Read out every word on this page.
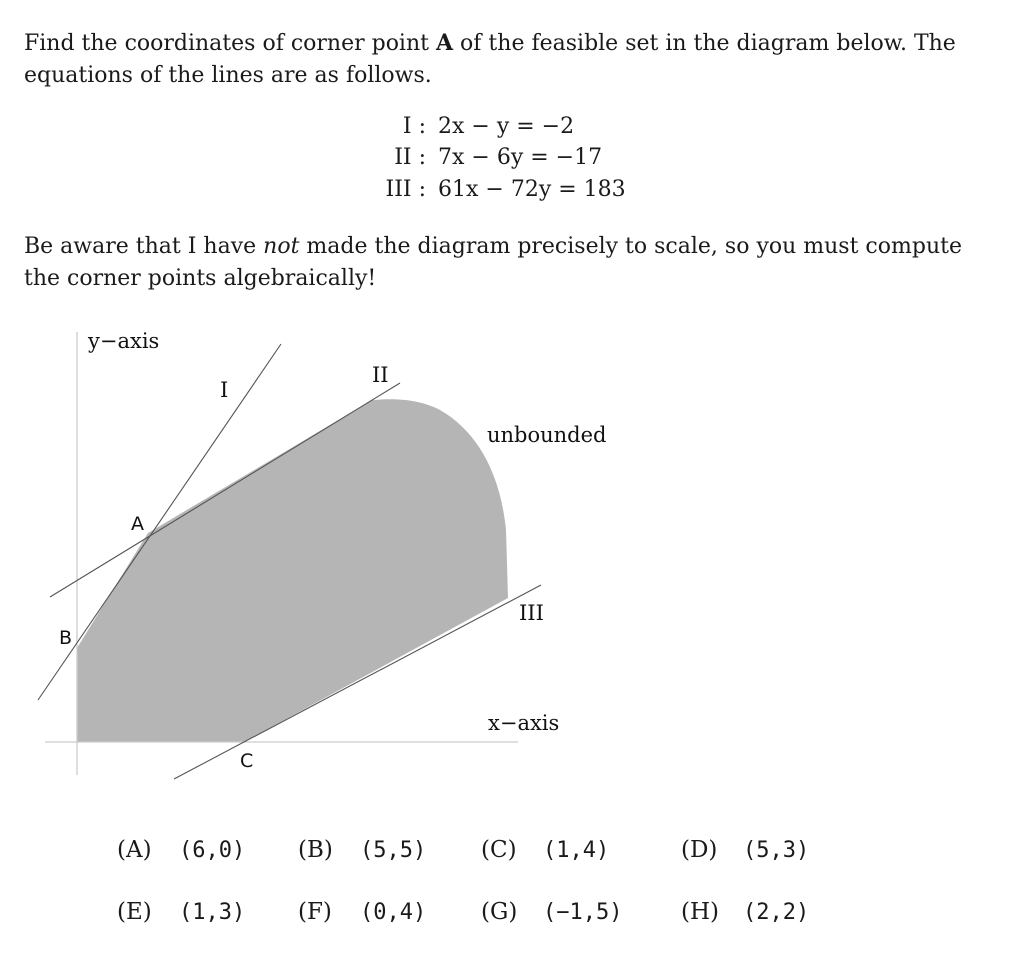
Find the coordinates of corner point A of the feasible set in the diagram below. The equations of the lines are as follows.
I : 2x − y = −2
II : 7x − 6y = −17
III : 61x − 72y = 183
Be aware that I have not made the diagram precisely to scale, so you must compute the corner points algebraically!
y−axis
x−axis
I
II
III
unbounded
A
B
C
(A) (6,0) (B) (5,5) (C) (1,4)	(D) (5,3)
(E) (1,3) (F) (0,4) (G) (−1,5)	(H) (2,2)
